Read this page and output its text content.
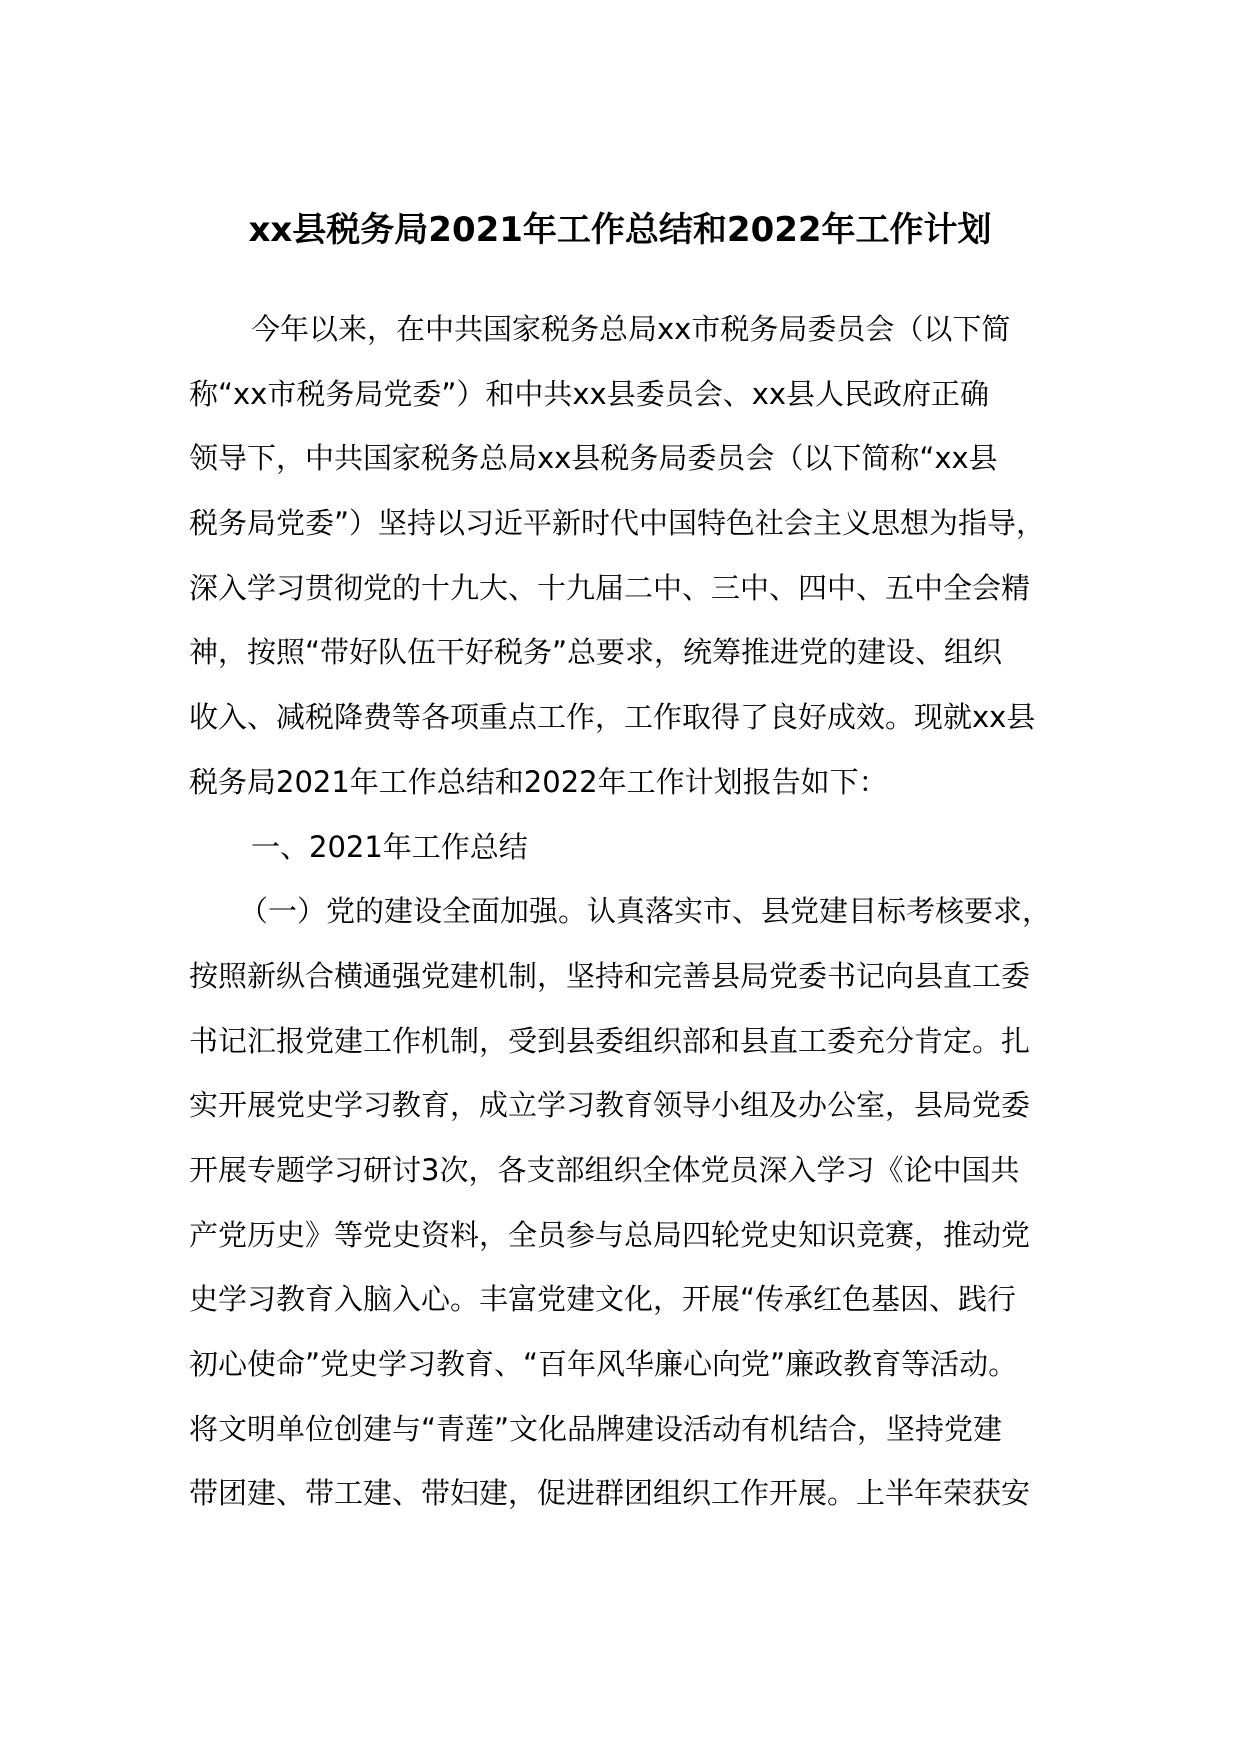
xx县税务局2021年工作总结和2022年工作计划
今年以来，在中共国家税务总局xx市税务局委员会（以下简
称“xx市税务局党委”）和中共xx县委员会、xx县人民政府正确
领导下，中共国家税务总局xx县税务局委员会（以下简称“xx县
税务局党委”）坚持以习近平新时代中国特色社会主义思想为指导，
深入学习贯彻党的十九大、十九届二中、三中、四中、五中全会精
神，按照“带好队伍干好税务”总要求，统筹推进党的建设、组织
收入、减税降费等各项重点工作，工作取得了良好成效。现就xx县
税务局2021年工作总结和2022年工作计划报告如下：
一、2021年工作总结
（一）党的建设全面加强。认真落实市、县党建目标考核要求，
按照新纵合横通强党建机制，坚持和完善县局党委书记向县直工委
书记汇报党建工作机制，受到县委组织部和县直工委充分肯定。扎
实开展党史学习教育，成立学习教育领导小组及办公室，县局党委
开展专题学习研讨3次，各支部组织全体党员深入学习《论中国共
产党历史》等党史资料，全员参与总局四轮党史知识竞赛，推动党
史学习教育入脑入心。丰富党建文化，开展“传承红色基因、践行
初心使命”党史学习教育、“百年风华廉心向党”廉政教育等活动。
将文明单位创建与“青莲”文化品牌建设活动有机结合，坚持党建
带团建、带工建、带妇建，促进群团组织工作开展。上半年荣获安
